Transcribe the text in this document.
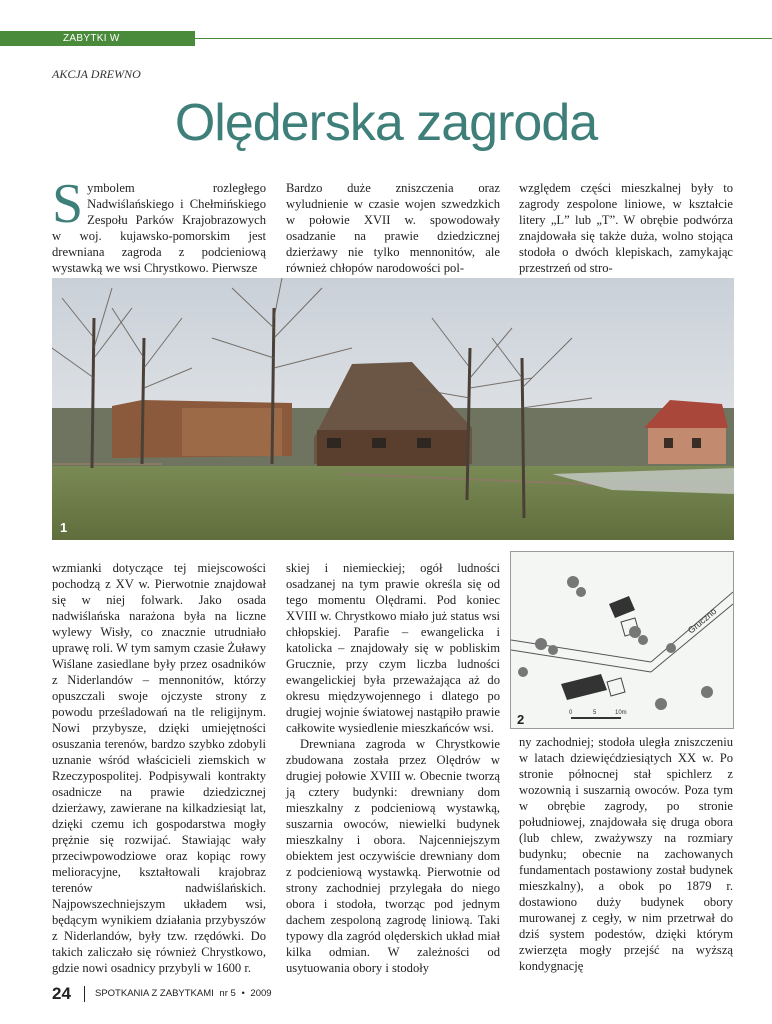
ZABYTKI W KRAJOBRAZIE
AKCJA DREWNO
Olęderska zagroda
S ymbolem rozległego Nadwiślańskiego i Chełmińskiego Zespołu Parków Krajobrazowych w woj. kujawsko-pomorskim jest drewniana zagroda z podcieniową wystawką we wsi Chrystkowo. Pierwsze

Bardzo duże zniszczenia oraz wyludnienie w czasie wojen szwedzkich w połowie XVII w. spowodowały osadzanie na prawie dziedzicznej dzierżawy nie tylko mennonitów, ale również chłopów narodowości pol-

względem części mieszkalnej były to zagrody zespolone liniowe, w kształcie litery „L” lub „T”. W obrębie podwórza znajdowała się także duża, wolno stojąca stodoła o dwóch klepiskach, zamykając przestrzeń od stro-

1

wzmianki dotyczące tej miejscowości pochodzą z XV w. Pierwotnie znajdował się w niej folwark. Jako osada nadwiślańska narażona była na liczne wylewy Wisły, co znacznie utrudniało uprawę roli. W tym samym czasie Żuławy Wiślane zasiedlane były przez osadników z Niderlandów – mennonitów, którzy opuszczali swoje ojczyste strony z powodu prześladowań na tle religijnym. Nowi przybysze, dzięki umiejętności osuszania terenów, bardzo szybko zdobyli uznanie wśród właścicieli ziemskich w Rzeczypospolitej. Podpisywali kontrakty osadnicze na prawie dziedzicznej dzierżawy, zawierane na kilkadziesiąt lat, dzięki czemu ich gospodarstwa mogły prężnie się rozwijać. Stawiając wały przeciwpowodziowe oraz kopiąc rowy melioracyjne, kształtowali krajobraz terenów nadwiślańskich. Najpowszechniejszym układem wsi, będącym wynikiem działania przybyszów z Niderlandów, były tzw. rzędówki. Do takich zaliczało się również Chrystkowo, gdzie nowi osadnicy przybyli w 1600 r.

skiej i niemieckiej; ogół ludności osadzanej na tym prawie określa się od tego momentu Olędrami. Pod koniec XVIII w. Chrystkowo miało już status wsi chłopskiej. Parafie – ewangelicka i katolicka – znajdowały się w pobliskim Grucznie, przy czym liczba ludności ewangelickiej była przeważająca aż do okresu międzywojennego i dlatego po drugiej wojnie światowej nastąpiło prawie całkowite wysiedlenie mieszkańców wsi.

Drewniana zagroda w Chrystkowie zbudowana została przez Olędrów w drugiej połowie XVIII w. Obecnie tworzą ją cztery budynki: drewniany dom mieszkalny z podcieniową wystawką, suszarnia owoców, niewielki budynek mieszkalny i obora. Najcenniejszym obiektem jest oczywiście drewniany dom z podcieniową wystawką. Pierwotnie od strony zachodniej przylegała do niego obora i stodoła, tworząc pod jednym dachem zespoloną zagrodę liniową. Taki typowy dla zagród olęderskich układ miał kilka odmian. W zależności od usytuowania obory i stodoły

Gruczno
0	5	10m
2

ny zachodniej; stodoła uległa zniszczeniu w latach dziewięćdziesiątych XX w. Po stronie północnej stał spichlerz z wozownią i suszarnią owoców. Poza tym w obrębie zagrody, po stronie południowej, znajdowała się druga obora (lub chlew, zważywszy na rozmiary budynku; obecnie na zachowanych fundamentach postawiony został budynek mieszkalny), a obok po 1879 r. dostawiono duży budynek obory murowanej z cegły, w nim przetrwał do dziś system podestów, dzięki którym zwierzęta mogły przejść na wyższą kondygnację

24	SPOTKANIA Z ZABYTKAMI nr 5 • 2009
